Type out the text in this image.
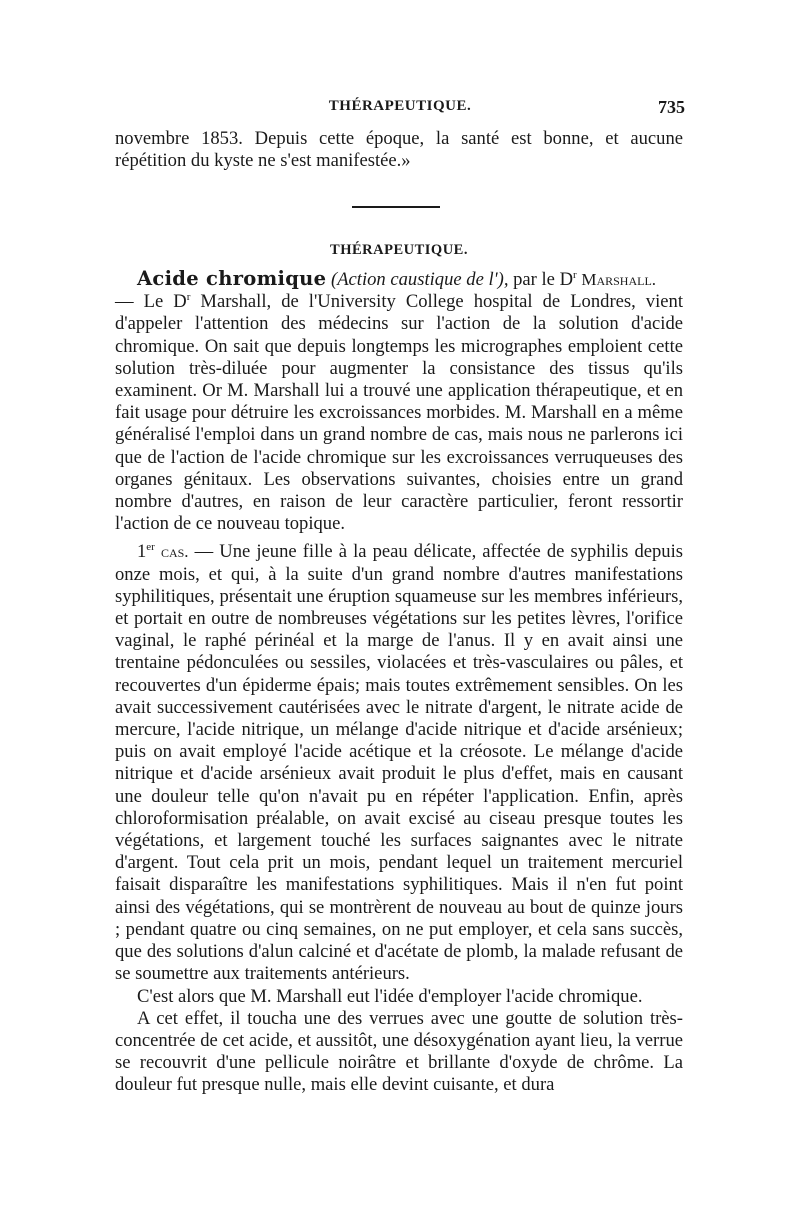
THÉRAPEUTIQUE.	735

novembre 1853. Depuis cette époque, la santé est bonne, et aucune répétition du kyste ne s'est manifestée.»

THÉRAPEUTIQUE.

Acide chromique (Action caustique de l'), par le $D^r$ Marshall.
— Le $D^r$ Marshall, de l'University College hospital de Londres, vient d'appeler l'attention des médecins sur l'action de la solution d'acide chromique. On sait que depuis longtemps les micrographes emploient cette solution très-diluée pour augmenter la consistance des tissus qu'ils examinent. Or M. Marshall lui a trouvé une application thérapeutique, et en fait usage pour détruire les excroissances morbides. M. Marshall en a même généralisé l'emploi dans un grand nombre de cas, mais nous ne parlerons ici que de l'action de l'acide chromique sur les excroissances verruqueuses des organes génitaux. Les observations suivantes, choisies entre un grand nombre d'autres, en raison de leur caractère particulier, feront ressortir l'action de ce nouveau topique.

1er cas. — Une jeune fille à la peau délicate, affectée de syphilis depuis onze mois, et qui, à la suite d'un grand nombre d'autres manifestations syphilitiques, présentait une éruption squameuse sur les membres inférieurs, et portait en outre de nombreuses végétations sur les petites lèvres, l'orifice vaginal, le raphé périnéal et la marge de l'anus. Il y en avait ainsi une trentaine pédonculées ou sessiles, violacées et très-vasculaires ou pâles, et recouvertes d'un épiderme épais; mais toutes extrêmement sensibles. On les avait successivement cautérisées avec le nitrate d'argent, le nitrate acide de mercure, l'acide nitrique, un mélange d'acide nitrique et d'acide arsénieux; puis on avait employé l'acide acétique et la créosote. Le mélange d'acide nitrique et d'acide arsénieux avait produit le plus d'effet, mais en causant une douleur telle qu'on n'avait pu en répéter l'application. Enfin, après chloroformisation préalable, on avait excisé au ciseau presque toutes les végétations, et largement touché les surfaces saignantes avec le nitrate d'argent. Tout cela prit un mois, pendant lequel un traitement mercuriel faisait disparaître les manifestations syphilitiques. Mais il n'en fut point ainsi des végétations, qui se montrèrent de nouveau au bout de quinze jours ; pendant quatre ou cinq semaines, on ne put employer, et cela sans succès, que des solutions d'alun calciné et d'acétate de plomb, la malade refusant de se soumettre aux traitements antérieurs.

C'est alors que M. Marshall eut l'idée d'employer l'acide chromique.

A cet effet, il toucha une des verrues avec une goutte de solution très-concentrée de cet acide, et aussitôt, une désoxygénation ayant lieu, la verrue se recouvrit d'une pellicule noirâtre et brillante d'oxyde de chrôme. La douleur fut presque nulle, mais elle devint cuisante, et dura
